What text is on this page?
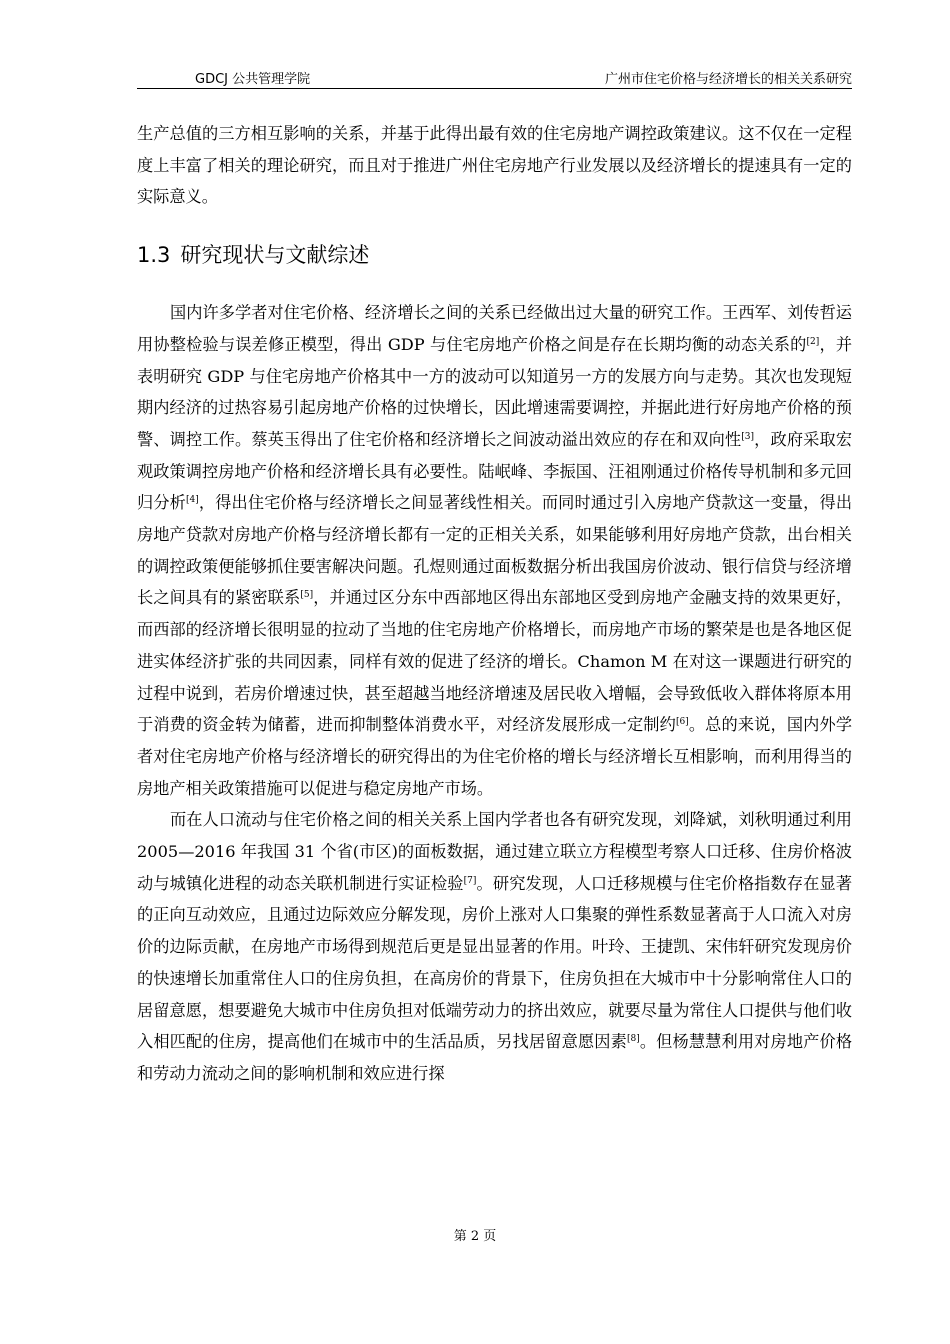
GDCJ 公共管理学院	广州市住宅价格与经济增长的相关关系研究

生产总值的三方相互影响的关系，并基于此得出最有效的住宅房地产调控政策建议。这不仅在一定程度上丰富了相关的理论研究，而且对于推进广州住宅房地产行业发展以及经济增长的提速具有一定的实际意义。

1.3 研究现状与文献综述

国内许多学者对住宅价格、经济增长之间的关系已经做出过大量的研究工作。王西军、刘传哲运用协整检验与误差修正模型，得出 GDP 与住宅房地产价格之间是存在长期均衡的动态关系的[2]，并表明研究 GDP 与住宅房地产价格其中一方的波动可以知道另一方的发展方向与走势。其次也发现短期内经济的过热容易引起房地产价格的过快增长，因此增速需要调控，并据此进行好房地产价格的预警、调控工作。蔡英玉得出了住宅价格和经济增长之间波动溢出效应的存在和双向性[3]，政府采取宏观政策调控房地产价格和经济增长具有必要性。陆岷峰、李振国、汪祖刚通过价格传导机制和多元回归分析[4]，得出住宅价格与经济增长之间显著线性相关。而同时通过引入房地产贷款这一变量，得出房地产贷款对房地产价格与经济增长都有一定的正相关关系，如果能够利用好房地产贷款，出台相关的调控政策便能够抓住要害解决问题。孔煜则通过面板数据分析出我国房价波动、银行信贷与经济增长之间具有的紧密联系[5]，并通过区分东中西部地区得出东部地区受到房地产金融支持的效果更好，而西部的经济增长很明显的拉动了当地的住宅房地产价格增长，而房地产市场的繁荣是也是各地区促进实体经济扩张的共同因素，同样有效的促进了经济的增长。Chamon M 在对这一课题进行研究的过程中说到，若房价增速过快，甚至超越当地经济增速及居民收入增幅，会导致低收入群体将原本用于消费的资金转为储蓄，进而抑制整体消费水平，对经济发展形成一定制约[6]。总的来说，国内外学者对住宅房地产价格与经济增长的研究得出的为住宅价格的增长与经济增长互相影响，而利用得当的房地产相关政策措施可以促进与稳定房地产市场。

而在人口流动与住宅价格之间的相关关系上国内学者也各有研究发现，刘降斌，刘秋明通过利用 2005—2016 年我国 31 个省(市区)的面板数据，通过建立联立方程模型考察人口迁移、住房价格波动与城镇化进程的动态关联机制进行实证检验[7]。研究发现，人口迁移规模与住宅价格指数存在显著的正向互动效应，且通过边际效应分解发现，房价上涨对人口集聚的弹性系数显著高于人口流入对房价的边际贡献，在房地产市场得到规范后更是显出显著的作用。叶玲、王捷凯、宋伟轩研究发现房价的快速增长加重常住人口的住房负担，在高房价的背景下，住房负担在大城市中十分影响常住人口的居留意愿，想要避免大城市中住房负担对低端劳动力的挤出效应，就要尽量为常住人口提供与他们收入相匹配的住房，提高他们在城市中的生活品质，另找居留意愿因素[8]。但杨慧慧利用对房地产价格和劳动力流动之间的影响机制和效应进行探

第 2 页
